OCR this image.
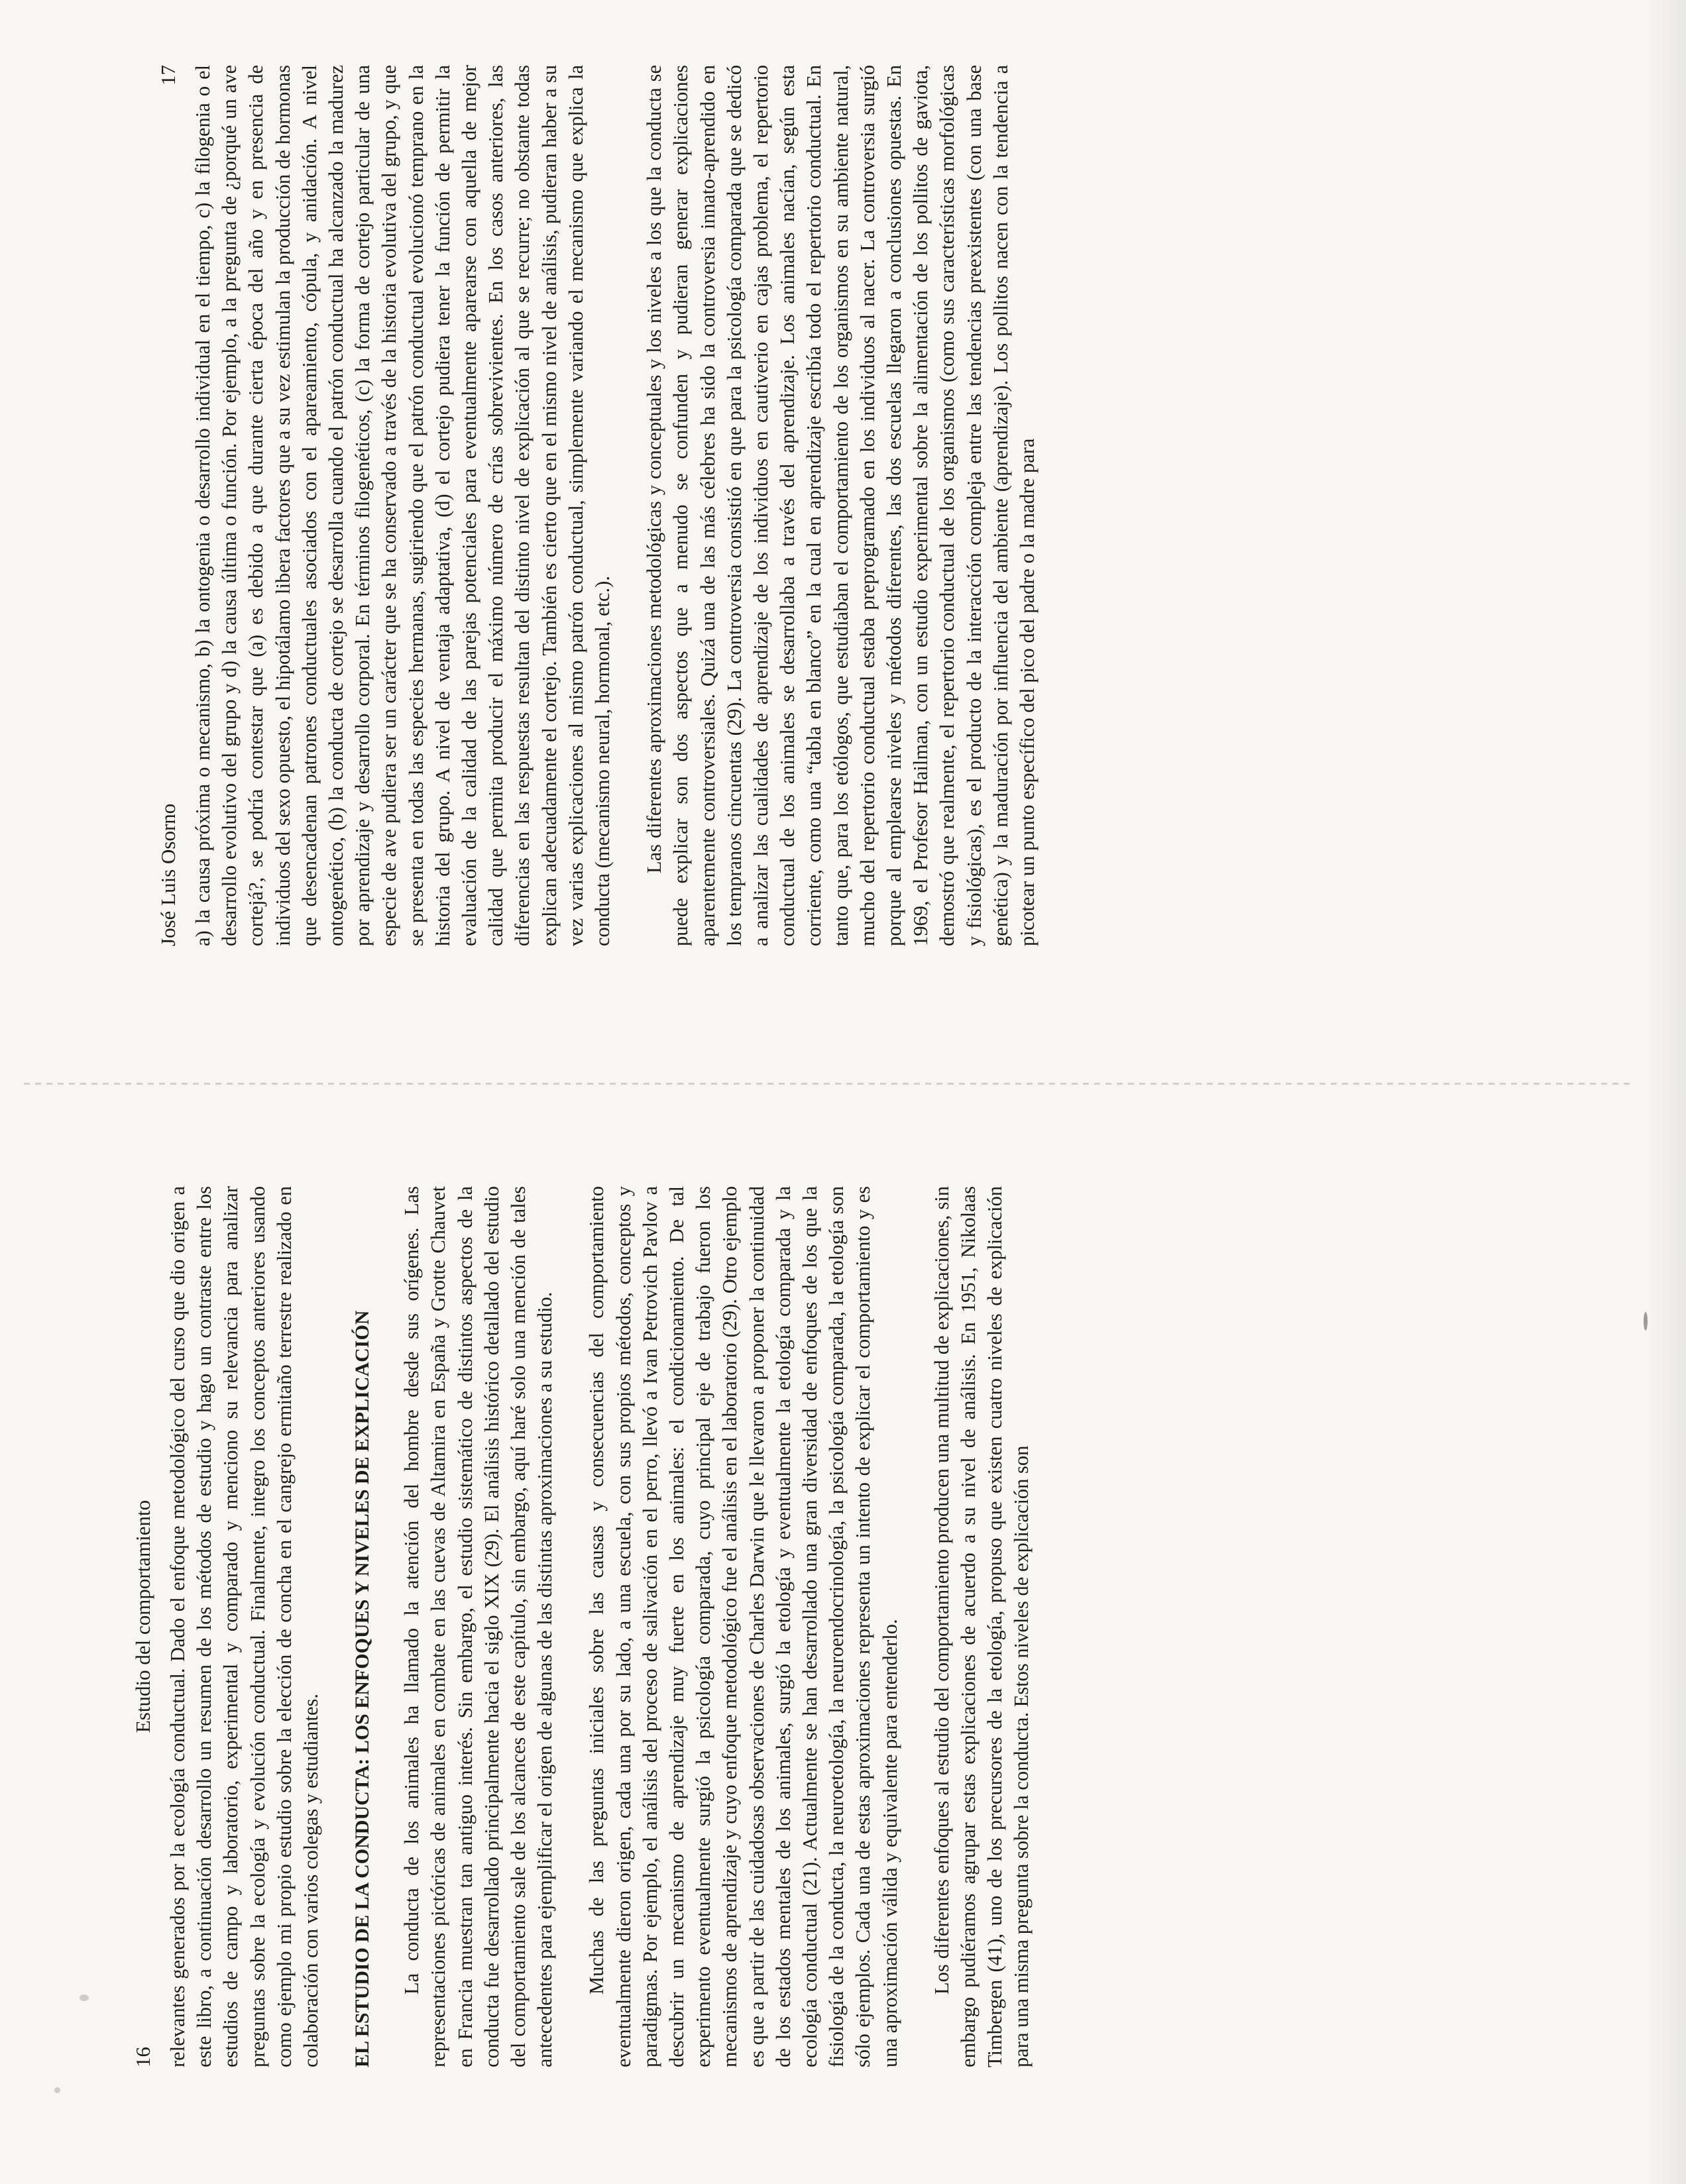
José Luis Osorno
17 a) la causa próxima o mecanismo, b) la ontogenia o desarrollo individual en el tiempo, c) la filogenia o el desarrollo evolutivo del grupo y d) la causa última o función. Por ejemplo, a la pregunta de ¿porqué un ave cortejá?, se podría contestar que (a) es debido a que durante cierta época del año y en presencia de individuos del sexo opuesto, el hipotálamo libera factores que a su vez estimulan la producción de hormonas que desencadenan patrones conductuales asociados con el apareamiento, cópula, y anidación. A nivel ontogenético, (b) la conducta de cortejo se desarrolla cuando el patrón conductual ha alcanzado la madurez por aprendizaje y desarrollo corporal. En términos filogenéticos, (c) la forma de cortejo particular de una especie de ave pudiera ser un carácter que se ha conservado a través de la historia evolutiva del grupo, y que se presenta en todas las especies hermanas, sugiriendo que el patrón conductual evolucionó temprano en la historia del grupo. A nivel de ventaja adaptativa, (d) el cortejo pudiera tener la función de permitir la evaluación de la calidad de las parejas potenciales para eventualmente aparearse con aquella de mejor calidad que permita producir el máximo número de crías sobrevivientes. En los casos anteriores, las diferencias en las respuestas resultan del distinto nivel de explicación al que se recurre; no obstante todas explican adecuadamente el cortejo. También es cierto que en el mismo nivel de análisis, pudieran haber a su vez varias explicaciones al mismo patrón conductual, simplemente variando el mecanismo que explica la conducta (mecanismo neural, hormonal, etc.). Las diferentes aproximaciones metodológicas y conceptuales y los niveles a los que la conducta se puede explicar son dos aspectos que a menudo se confunden y pudieran generar explicaciones aparentemente controversiales. Quizá una de las más célebres ha sido la controversia innato-aprendido en los tempranos cincuentas (29). La controversia consistió en que para la psicología comparada que se dedicó a analizar las cualidades de aprendizaje de los individuos en cautiverio en cajas problema, el repertorio conductual de los animales se desarrollaba a través del aprendizaje. Los animales nacían, según esta corriente, como una “tabla en blanco” en la cual en aprendizaje escribía todo el repertorio conductual. En tanto que, para los etólogos, que estudiaban el comportamiento de los organismos en su ambiente natural, mucho del repertorio conductual estaba preprogramado en los individuos al nacer. La controversia surgió porque al emplearse niveles y métodos diferentes, las dos escuelas llegaron a conclusiones opuestas. En 1969, el Profesor Hailman, con un estudio experimental sobre la alimentación de los pollitos de gaviota, demostró que realmente, el repertorio conductual de los organismos (como sus características morfológicas y fisiológicas), es el producto de la interacción compleja entre las tendencias preexistentes (con una base genética) y la maduración por influencia del ambiente (aprendizaje). Los pollitos nacen con la tendencia a picotear un punto específico del pico del padre o la madre para

16
Estudio del comportamiento relevantes generados por la ecología conductual. Dado el enfoque metodológico del curso que dio origen a este libro, a continuación desarrollo un resumen de los métodos de estudio y hago un contraste entre los estudios de campo y laboratorio, experimental y comparado y menciono su relevancia para analizar preguntas sobre la ecología y evolución conductual. Finalmente, integro los conceptos anteriores usando como ejemplo mi propio estudio sobre la elección de concha en el cangrejo ermitaño terrestre realizado en colaboración con varios colegas y estudiantes. EL ESTUDIO DE LA CONDUCTA: LOS ENFOQUES Y NIVELES DE EXPLICACIÓN La conducta de los animales ha llamado la atención del hombre desde sus orígenes. Las representaciones pictóricas de animales en combate en las cuevas de Altamira en España y Grotte Chauvet en Francia muestran tan antiguo interés. Sin embargo, el estudio sistemático de distintos aspectos de la conducta fue desarrollado principalmente hacia el siglo XIX (29). El análisis histórico detallado del estudio del comportamiento sale de los alcances de este capítulo, sin embargo, aquí haré solo una mención de tales antecedentes para ejemplificar el origen de algunas de las distintas aproximaciones a su estudio. Muchas de las preguntas iniciales sobre las causas y consecuencias del comportamiento eventualmente dieron origen, cada una por su lado, a una escuela, con sus propios métodos, conceptos y paradigmas. Por ejemplo, el análisis del proceso de salivación en el perro, llevó a Ivan Petrovich Pavlov a descubrir un mecanismo de aprendizaje muy fuerte en los animales: el condicionamiento. De tal experimento eventualmente surgió la psicología comparada, cuyo principal eje de trabajo fueron los mecanismos de aprendizaje y cuyo enfoque metodológico fue el análisis en el laboratorio (29). Otro ejemplo es que a partir de las cuidadosas observaciones de Charles Darwin que le llevaron a proponer la continuidad de los estados mentales de los animales, surgió la etología y eventualmente la etología comparada y la ecología conductual (21). Actualmente se han desarrollado una gran diversidad de enfoques de los que la fisiología de la conducta, la neuroetología, la neuroendocrinología, la psicología comparada, la etología son sólo ejemplos. Cada una de estas aproximaciones representa un intento de explicar el comportamiento y es una aproximación válida y equivalente para entenderlo. Los diferentes enfoques al estudio del comportamiento producen una multitud de explicaciones, sin embargo pudiéramos agrupar estas explicaciones de acuerdo a su nivel de análisis. En 1951, Nikolaas Timbergen (41), uno de los precursores de la etología, propuso que existen cuatro niveles de explicación para una misma pregunta sobre la conducta. Estos niveles de explicación son
